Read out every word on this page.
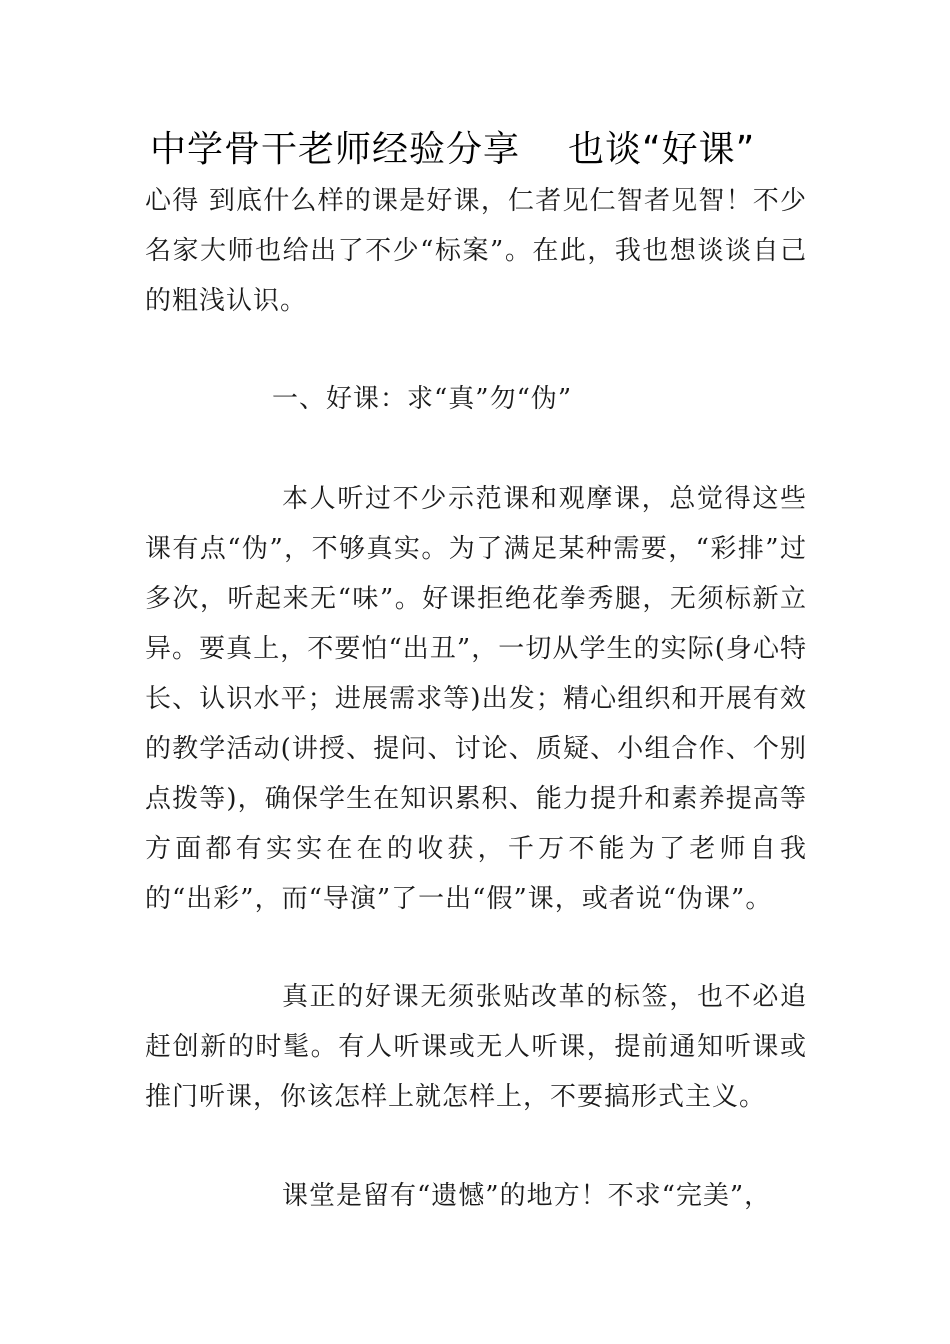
中学骨干老师经验分享 也谈“好课”
心得 到底什么样的课是好课，仁者见仁智者见智！不少名家大师也给出了不少“标案”。在此，我也想谈谈自己的粗浅认识。
一、好课：求“真”勿“伪”
本人听过不少示范课和观摩课，总觉得这些课有点“伪”，不够真实。为了满足某种需要，“彩排”过多次，听起来无“味”。好课拒绝花拳秀腿，无须标新立异。要真上，不要怕“出丑”，一切从学生的实际(身心特长、认识水平；进展需求等)出发；精心组织和开展有效的教学活动(讲授、提问、讨论、质疑、小组合作、个别点拨等)，确保学生在知识累积、能力提升和素养提高等方面都有实实在在的收获，千万不能为了老师自我的“出彩”，而“导演”了一出“假”课，或者说“伪课”。
真正的好课无须张贴改革的标签，也不必追赶创新的时髦。有人听课或无人听课，提前通知听课或推门听课，你该怎样上就怎样上，不要搞形式主义。
课堂是留有“遗憾”的地方！不求“完美”，
